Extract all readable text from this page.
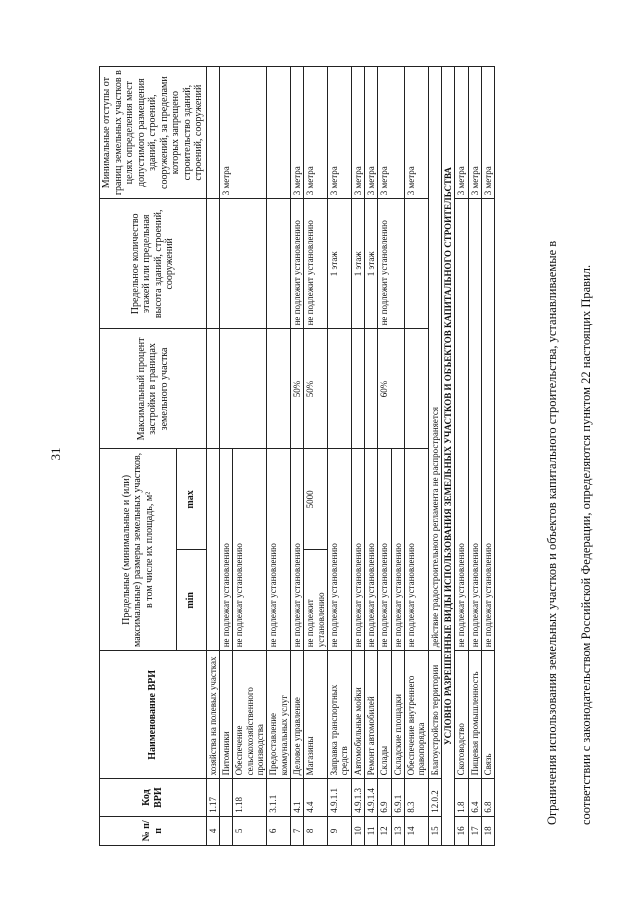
31
№ п/п	Код ВРИ	Наименование ВРИ	Предельные (минимальные и (или) максимальные) размеры земельных участков, в том числе их площадь, м²		Максимальный процент застройки в границах земельного участка	Предельное количество этажей или предельная высота зданий, строений, сооружений	Минимальные отступы от границ земельных участков в целях определения мест допустимого размещения зданий, строений, сооружений, за пределами которых запрещено строительство зданий, строений, сооружений
			min	max			
4	1.17	хозяйства на полевых участках					
		Питомники	не подлежат установлению				3 метра
5	1.18	Обеспечение сельскохозяйственного производства	не подлежат установлению				
6	3.1.1	Предоставление коммунальных услуг	не подлежат установлению				
7	4.1	Деловое управление	не подлежат установлению		50%	не подлежит установлению	3 метра
8	4.4	Магазины	не подлежит установлению	5000	50%	не подлежит установлению	3 метра
9	4.9.1.1	Заправка транспортных средств	не подлежат установлению			1 этаж	3 метра
10	4.9.1.3	Автомобильные мойки	не подлежат установлению			1 этаж	3 метра
11	4.9.1.4	Ремонт автомобилей	не подлежат установлению			1 этаж	3 метра
12	6.9	Склады	не подлежат установлению		60%	не подлежит установлению	3 метра
13	6.9.1	Складские площадки	не подлежат установлению				
14	8.3	Обеспечение внутреннего правопорядка	не подлежат установлению				3 метра
15	12.0.2	Благоустройство территории	действие градостроительного регламента не распространяется				
УСЛОВНО РАЗРЕШЕННЫЕ ВИДЫ ИСПОЛЬЗОВАНИЯ ЗЕМЕЛЬНЫХ УЧАСТКОВ И ОБЪЕКТОВ КАПИТАЛЬНОГО СТРОИТЕЛЬСТВА							
16	1.8	Скотоводство	не подлежат установлению				3 метра
17	6.4	Пищевая промышленность	не подлежат установлению				3 метра
18	6.8	Связь	не подлежат установлению				3 метра
Ограничения использования земельных участков и объектов капитального строительства, устанавливаемые в	соответствии с законодательством Российской Федерации, определяются пунктом 22 настоящих Правил.
